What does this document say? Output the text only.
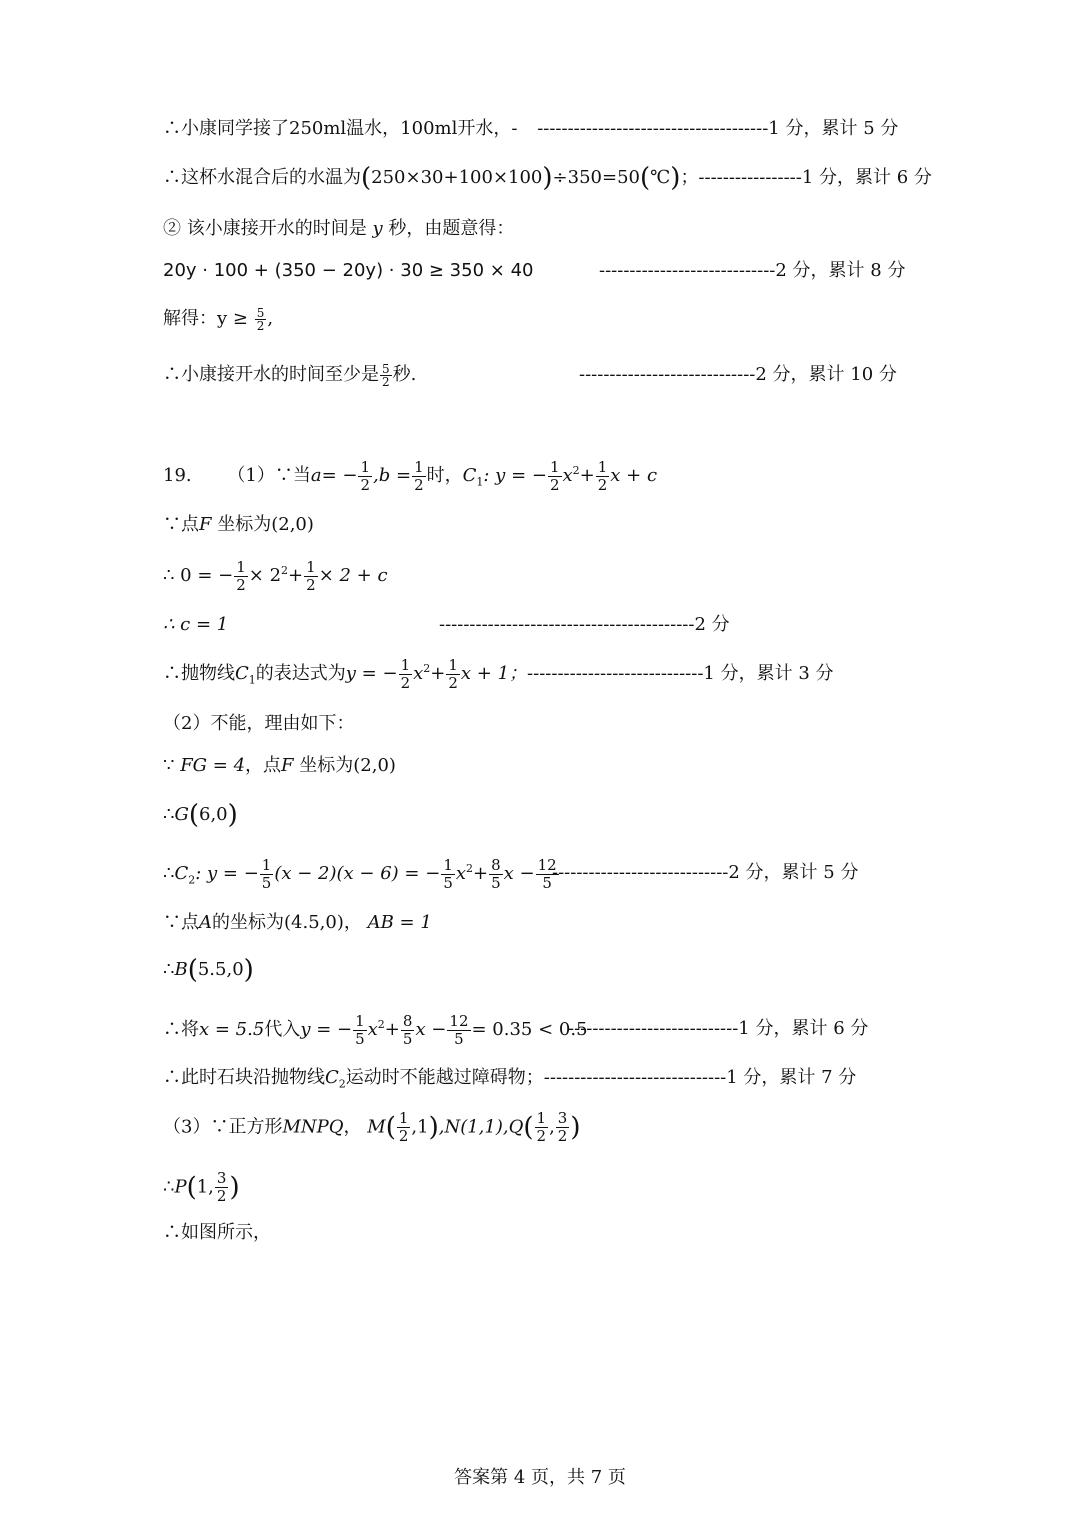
∴小康同学接了250ml温水，100ml开水，- --------------------------------------1 分，累计 5 分
∴这杯水混合后的水温为(250×30+100×100)÷350=50(℃)；-----------------1 分，累计 6 分
② 该小康接开水的时间是 y 秒，由题意得：
20y · 100 + (350 − 20y) · 30 ≥ 350 × 40	-----------------------------2 分，累计 8 分
解得：$y \ge \frac{5}{2}$ ,
∴小康接开水的时间至少是 $\frac{5}{2}$ 秒.	-----------------------------2 分，累计 10 分
19. （1）∵当$a= - \frac{1}{2} ,b = \frac{1}{2}$ 时，$C_1$: y = − $\frac{1}{2} x^2+ \frac{1}{2}$ x + c
∵点F 坐标为(2,0)
∴ 0 = − $\frac{1}{2} \times 2^2+ \frac{1}{2} \times 2 + c$
∴ c = 1	------------------------------------------2 分
∴抛物线$C_1$的表达式为y = − $\frac{1}{2} x^2+ \frac{1}{2}$ x + 1；-----------------------------1 分，累计 3 分
（2）不能，理由如下：
∵ FG = 4，点F 坐标为(2,0)
∴G(6,0)
$\therefore C_2$: y = − $\frac{1}{5} (x - 2)(x - 6)$ = − $\frac{1}{5} x^2+ \frac{8}{5}$ $x - \frac{12}{5}$
-----------------------------2 分，累计 5 分
∵点A的坐标为(4.5,0)， AB = 1
∴B(5.5,0)
∴将x = 5.5代入y = − $\frac{1}{5} x^2+ \frac{8}{5}$ $x - \frac{12}{5} = 0.35 < 0.5$
----------------------------1 分，累计 6 分
∴此时石块沿抛物线$C_2$运动时不能越过障碍物；------------------------------1 分，累计 7 分
（3）∵正方形MNPQ， $M( \frac{1}{2} ,1),N(1,1),Q( \frac{1}{2}$ , $\frac{3}{2}$ )
∴P(1, $\frac{3}{2}$ )
∴如图所示，
答案第 4 页，共 7 页
